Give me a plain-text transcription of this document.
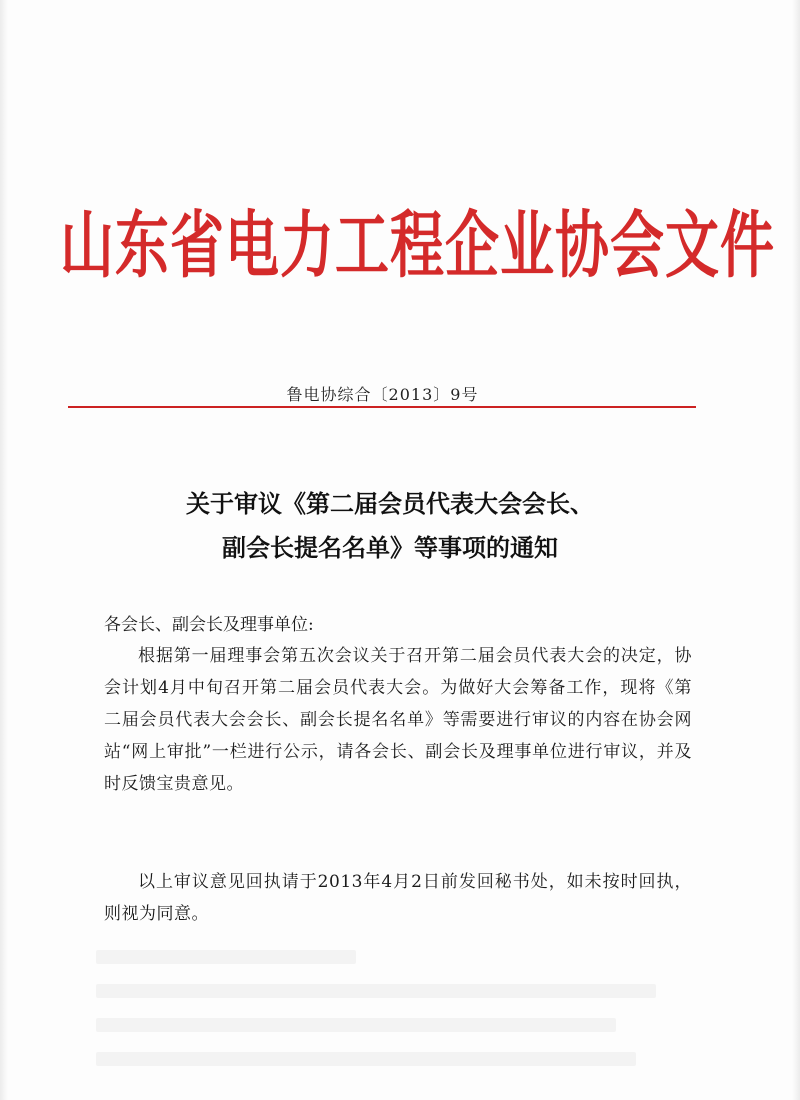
山东省电力工程企业协会文件
鲁电协综合〔2013〕9号
关于审议《第二届会员代表大会会长、
副会长提名名单》等事项的通知
各会长、副会长及理事单位:
根据第一届理事会第五次会议关于召开第二届会员代表大会的决定，协会计划4月中旬召开第二届会员代表大会。为做好大会筹备工作，现将《第二届会员代表大会会长、副会长提名名单》等需要进行审议的内容在协会网站“网上审批”一栏进行公示，请各会长、副会长及理事单位进行审议，并及时反馈宝贵意见。
以上审议意见回执请于2013年4月2日前发回秘书处，如未按时回执，则视为同意。
